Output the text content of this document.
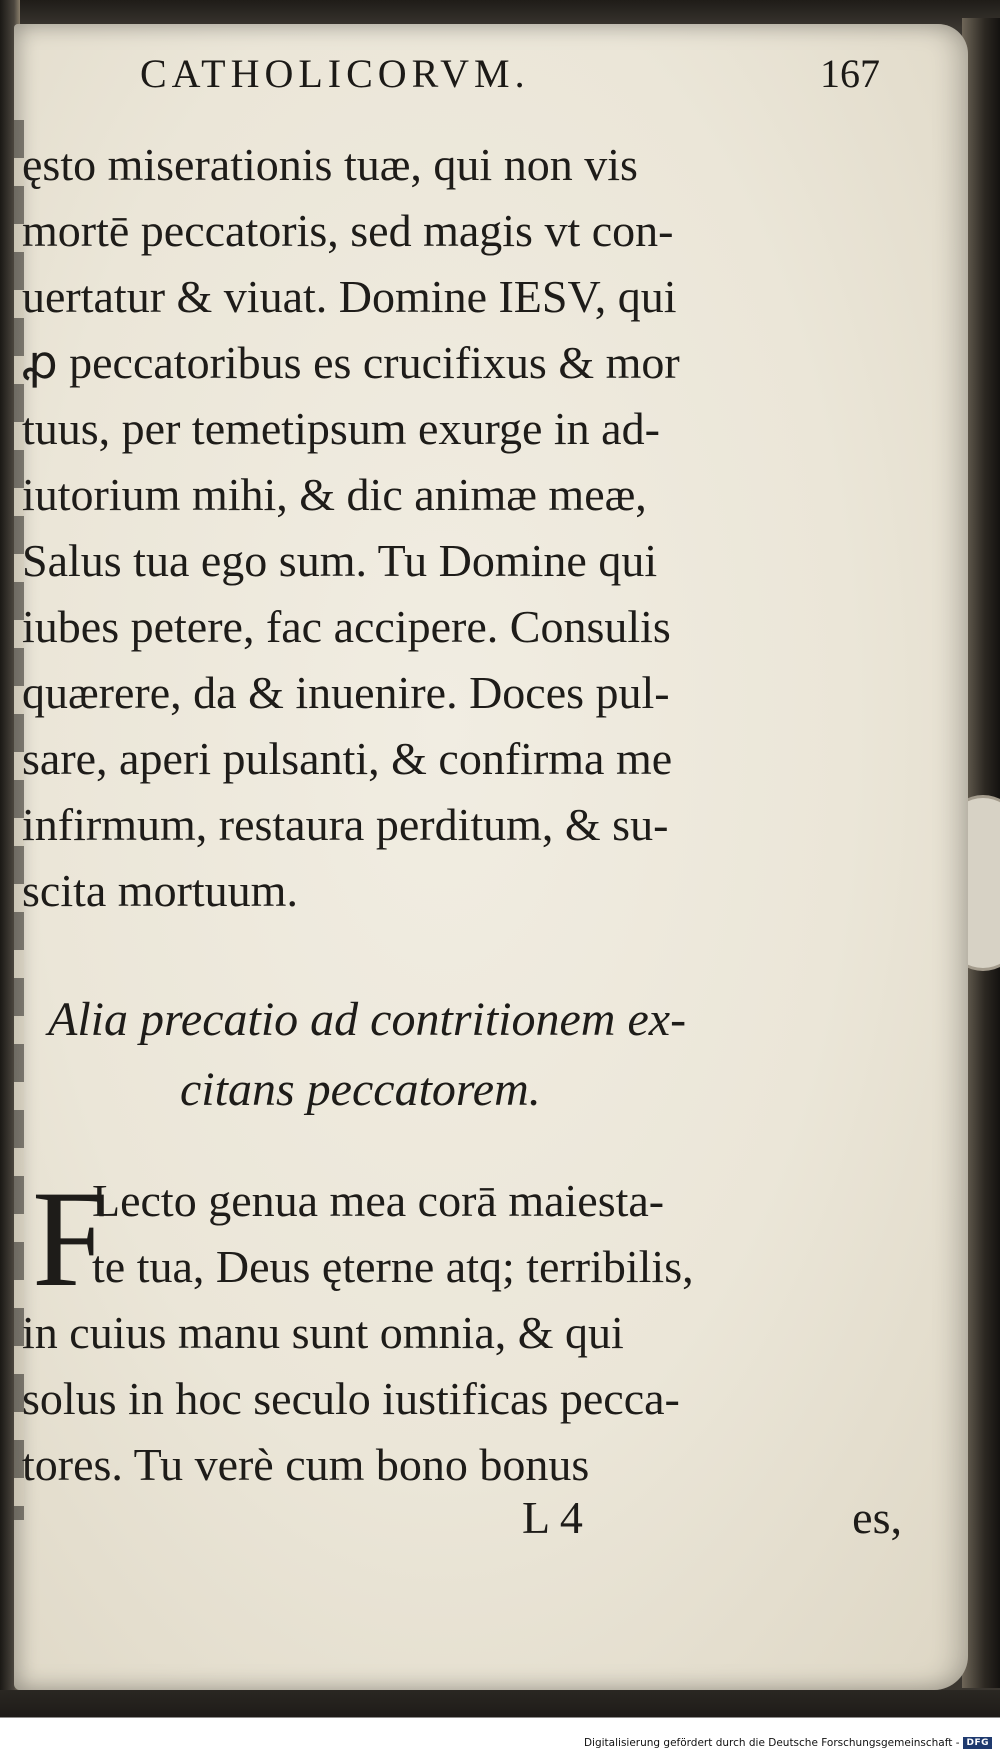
CATHOLICORVM.	167
ęsto miserationis tuæ, qui non vis
mortē peccatoris, sed magis vt con-
uertatur & viuat. Domine IESV, qui
ꝓ peccatoribus es crucifixus & mor
tuus, per temetipsum exurge in ad-
iutorium mihi, & dic animæ meæ,
Salus tua ego sum. Tu Domine qui
iubes petere, fac accipere. Consulis
quærere, da & inuenire. Doces pul-
sare, aperi pulsanti, & confirma me
infirmum, restaura perditum, & su-
scita mortuum.
Alia precatio ad contritionem ex-
citans peccatorem.
F
Lecto genua mea corā maiesta-
te tua, Deus ęterne atq; terribilis,
in cuius manu sunt omnia, & qui
solus in hoc seculo iustificas pecca-
tores. Tu verè cum bono bonus
L 4	es,
Digitalisierung gefördert durch die Deutsche Forschungsgemeinschaft - DFG
